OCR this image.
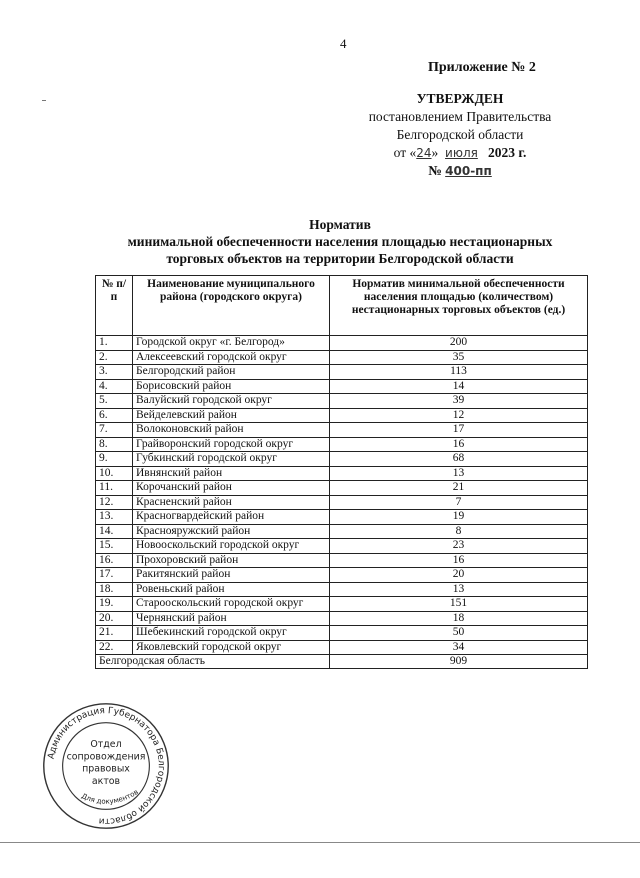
4
Приложение № 2
УТВЕРЖДЕН
постановлением Правительства
Белгородской области
от «24» июля 2023 г.
№ 400-пп
Норматив
минимальной обеспеченности населения площадью нестационарных
торговых объектов на территории Белгородской области
№ п/п	Наименование муниципального района (городского округа)	Норматив минимальной обеспеченности населения площадью (количеством) нестационарных торговых объектов (ед.)
1.	Городской округ «г. Белгород»	200
2.	Алексеевский городской округ	35
3.	Белгородский район	113
4.	Борисовский район	14
5.	Валуйский городской округ	39
6.	Вейделевский район	12
7.	Волоконовский район	17
8.	Грайворонский городской округ	16
9.	Губкинский городской округ	68
10.	Ивнянский район	13
11.	Корочанский район	21
12.	Красненский район	7
13.	Красногвардейский район	19
14.	Краснояружский район	8
15.	Новооскольский городской округ	23
16.	Прохоровский район	16
17.	Ракитянский район	20
18.	Ровеньский район	13
19.	Старооскольский городской округ	151
20.	Чернянский район	18
21.	Шебекинский городской округ	50
22.	Яковлевский городской округ	34
Белгородская область		909
Администрация Губернатора Белгородской области
Для документов
Отдел
сопровождения
правовых
актов
